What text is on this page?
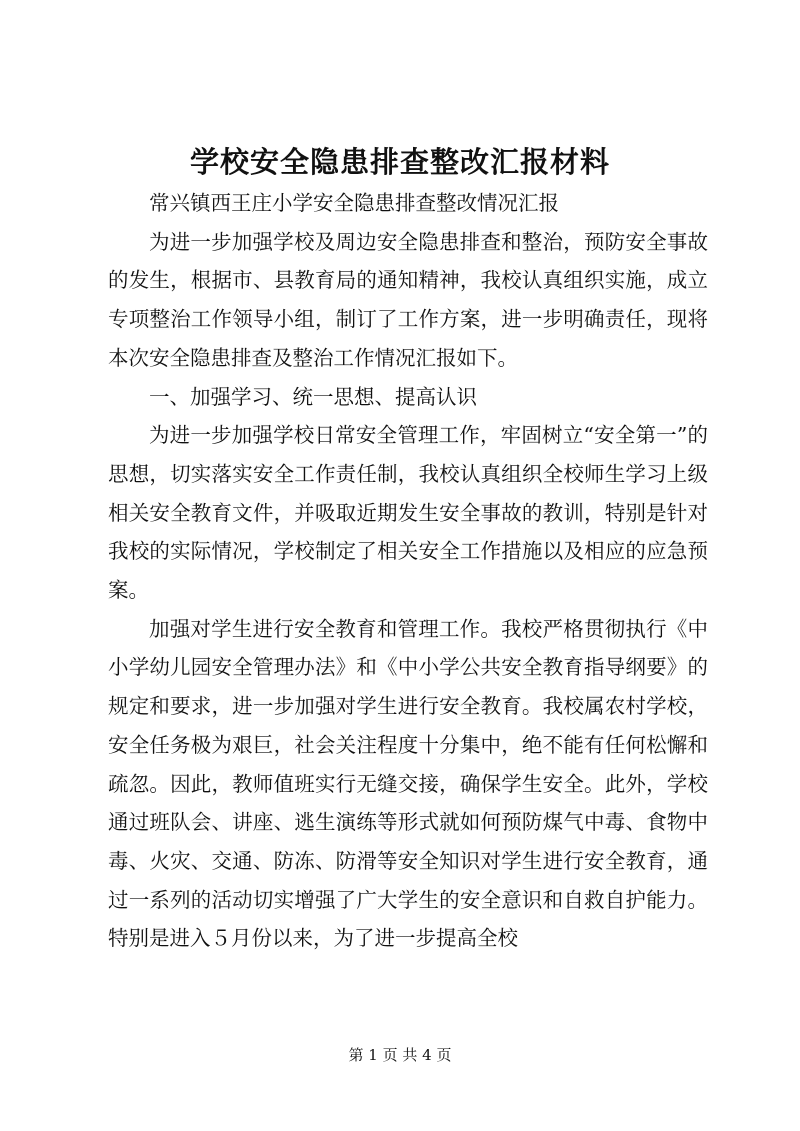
学校安全隐患排查整改汇报材料

常兴镇西王庄小学安全隐患排查整改情况汇报

为进一步加强学校及周边安全隐患排查和整治，预防安全事故的发生，根据市、县教育局的通知精神，我校认真组织实施，成立专项整治工作领导小组，制订了工作方案，进一步明确责任，现将本次安全隐患排查及整治工作情况汇报如下。

一、加强学习、统一思想、提高认识

为进一步加强学校日常安全管理工作，牢固树立“安全第一”的思想，切实落实安全工作责任制，我校认真组织全校师生学习上级相关安全教育文件，并吸取近期发生安全事故的教训，特别是针对我校的实际情况，学校制定了相关安全工作措施以及相应的应急预案。

加强对学生进行安全教育和管理工作。我校严格贯彻执行《中小学幼儿园安全管理办法》和《中小学公共安全教育指导纲要》的规定和要求，进一步加强对学生进行安全教育。我校属农村学校，安全任务极为艰巨，社会关注程度十分集中，绝不能有任何松懈和疏忽。因此，教师值班实行无缝交接，确保学生安全。此外，学校通过班队会、讲座、逃生演练等形式就如何预防煤气中毒、食物中毒、火灾、交通、防冻、防滑等安全知识对学生进行安全教育，通过一系列的活动切实增强了广大学生的安全意识和自救自护能力。特别是进入５月份以来，为了进一步提高全校

第 1 页 共 4 页
